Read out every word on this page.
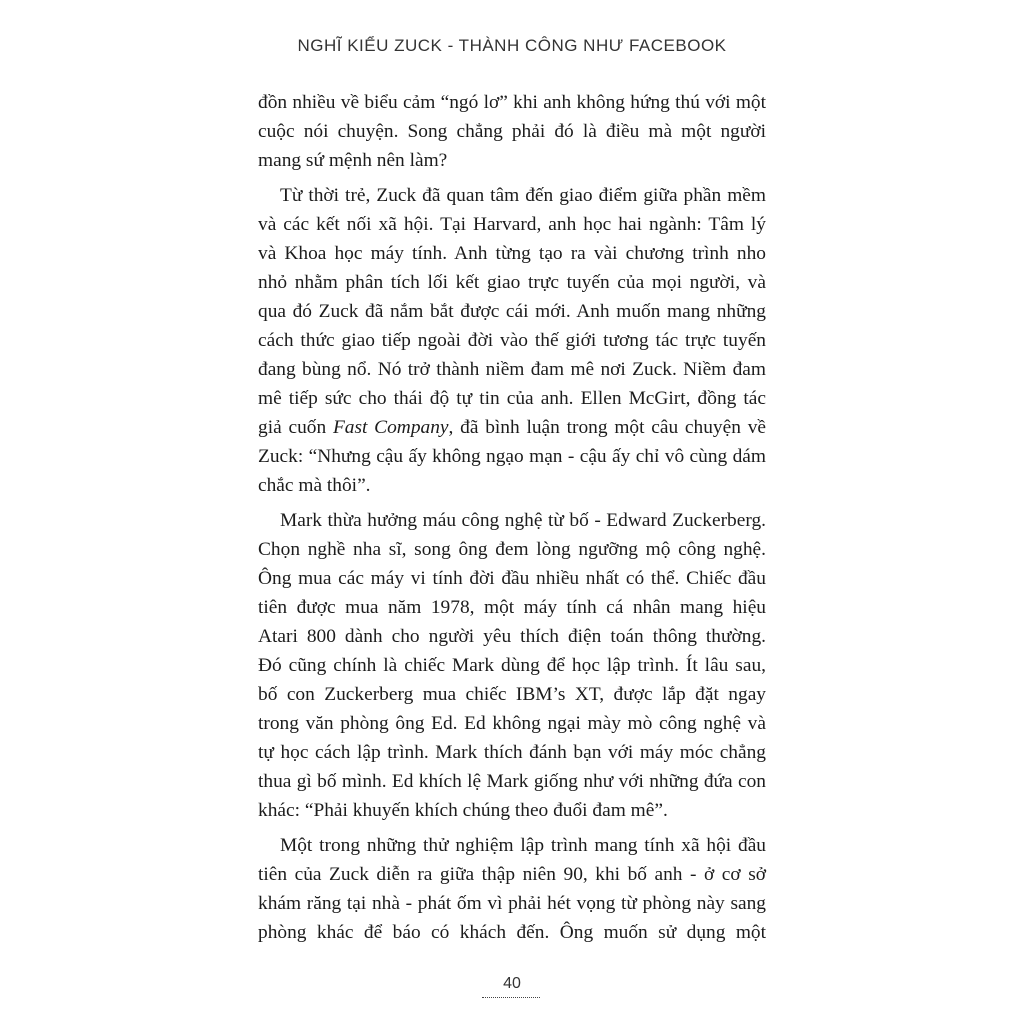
NGHĨ KIỂU ZUCK - THÀNH CÔNG NHƯ FACEBOOK
đồn nhiều về biểu cảm “ngó lơ” khi anh không hứng thú với một
cuộc nói chuyện. Song chẳng phải đó là điều mà một người
mang sứ mệnh nên làm?
Từ thời trẻ, Zuck đã quan tâm đến giao điểm giữa phần mềm
và các kết nối xã hội. Tại Harvard, anh học hai ngành: Tâm lý
và Khoa học máy tính. Anh từng tạo ra vài chương trình nho
nhỏ nhằm phân tích lối kết giao trực tuyến của mọi người, và
qua đó Zuck đã nắm bắt được cái mới. Anh muốn mang những
cách thức giao tiếp ngoài đời vào thế giới tương tác trực tuyến
đang bùng nổ. Nó trở thành niềm đam mê nơi Zuck. Niềm đam
mê tiếp sức cho thái độ tự tin của anh. Ellen McGirt, đồng tác
giả cuốn Fast Company, đã bình luận trong một câu chuyện về
Zuck: “Nhưng cậu ấy không ngạo mạn - cậu ấy chỉ vô cùng dám
chắc mà thôi”.
Mark thừa hưởng máu công nghệ từ bố - Edward Zuckerberg.
Chọn nghề nha sĩ, song ông đem lòng ngưỡng mộ công nghệ.
Ông mua các máy vi tính đời đầu nhiều nhất có thể. Chiếc đầu
tiên được mua năm 1978, một máy tính cá nhân mang hiệu
Atari 800 dành cho người yêu thích điện toán thông thường.
Đó cũng chính là chiếc Mark dùng để học lập trình. Ít lâu sau,
bố con Zuckerberg mua chiếc IBM’s XT, được lắp đặt ngay
trong văn phòng ông Ed. Ed không ngại mày mò công nghệ và
tự học cách lập trình. Mark thích đánh bạn với máy móc chẳng
thua gì bố mình. Ed khích lệ Mark giống như với những đứa con
khác: “Phải khuyến khích chúng theo đuổi đam mê”.
Một trong những thử nghiệm lập trình mang tính xã hội đầu
tiên của Zuck diễn ra giữa thập niên 90, khi bố anh - ở cơ sở
khám răng tại nhà - phát ốm vì phải hét vọng từ phòng này sang
phòng khác để báo có khách đến. Ông muốn sử dụng một
40
